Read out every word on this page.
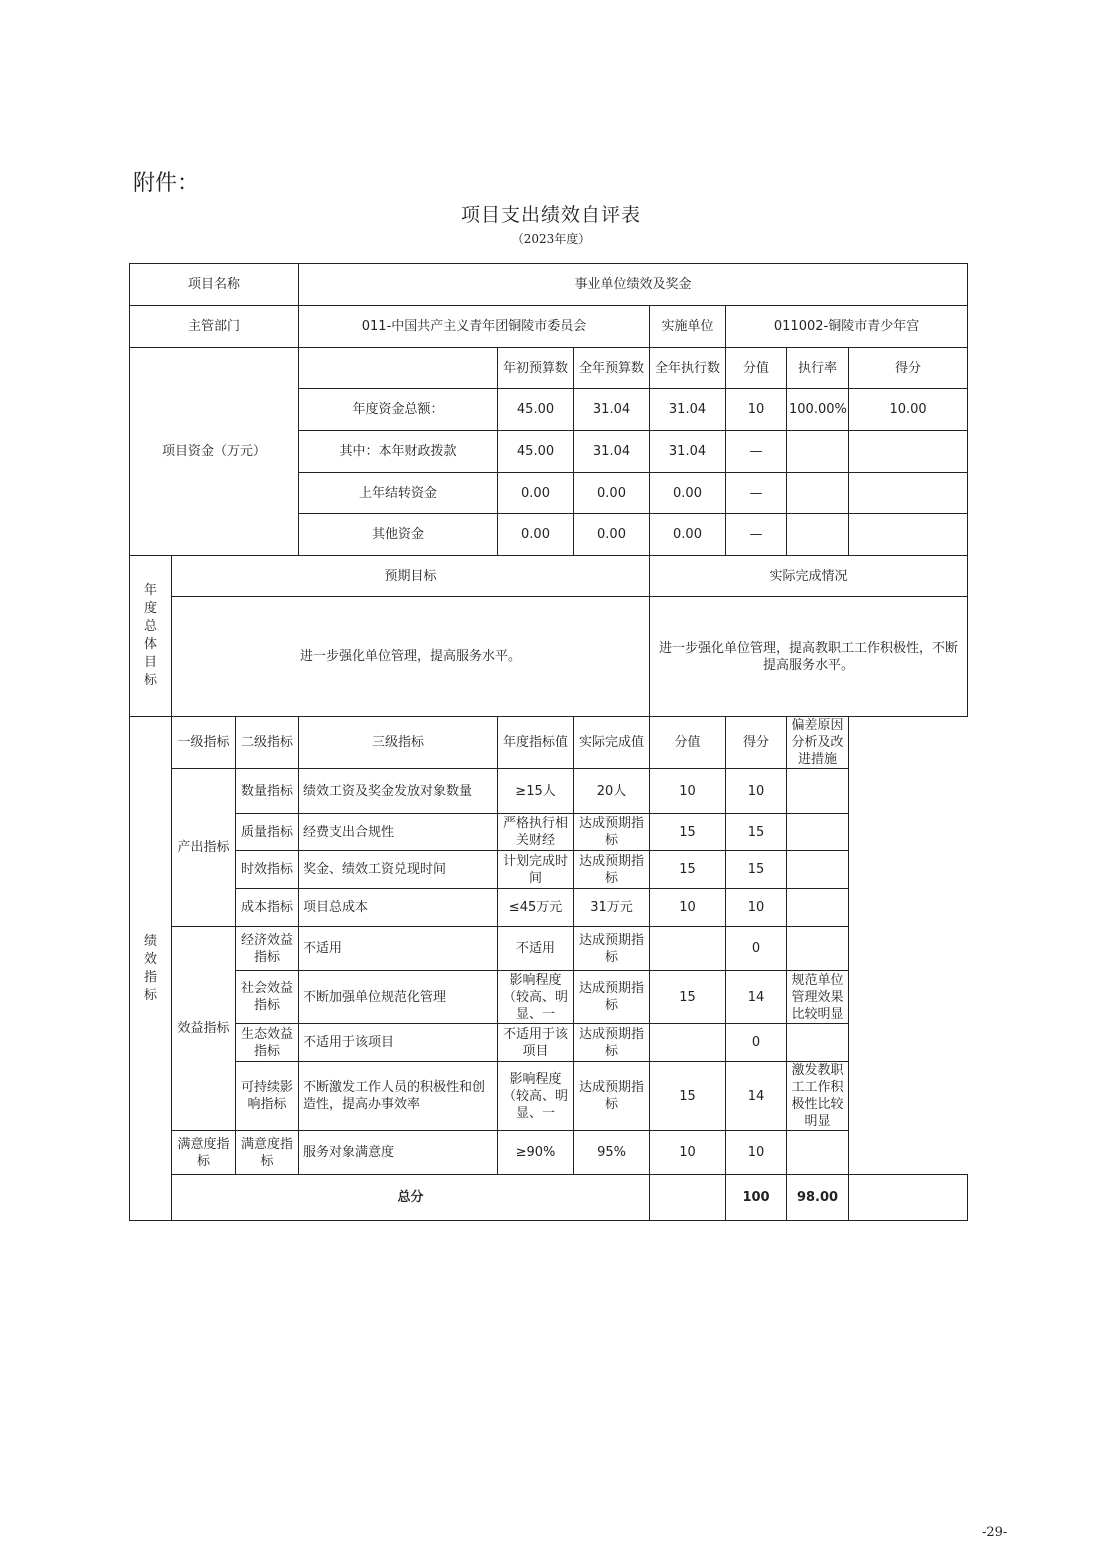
附件：
项目支出绩效自评表
（2023年度）
项目名称			事业单位绩效及奖金						
主管部门			011-中国共产主义青年团铜陵市委员会			实施单位	011002-铜陵市青少年宫		
项目资金（万元）				年初预算数	全年预算数	全年执行数	分值	执行率	得分
			年度资金总额：	45.00	31.04	31.04	10	100.00%	10.00
			其中：本年财政拨款	45.00	31.04	31.04	—		
			上年结转资金	0.00	0.00	0.00	—		
			其他资金	0.00	0.00	0.00	—		

年度总体目标	预期目标					实际完成情况			
	进一步强化单位管理，提高服务水平。					进一步强化单位管理，提高教职工工作积极性，不断提高服务水平。			

绩效指标	一级指标	二级指标	三级指标	年度指标值	实际完成值	分值	得分	偏差原因分析及改进措施	
	产出指标	数量指标	绩效工资及奖金发放对象数量	≥15人	20人	10	10		
		质量指标	经费支出合规性	严格执行相关财经	达成预期指标	15	15		
		时效指标	奖金、绩效工资兑现时间	计划完成时间	达成预期指标	15	15		
		成本指标	项目总成本	≤45万元	31万元	10	10		
	效益指标	经济效益指标	不适用	不适用	达成预期指标		0		
		社会效益指标	不断加强单位规范化管理	影响程度（较高、明显、一	达成预期指标	15	14	规范单位管理效果比较明显	
		生态效益指标	不适用于该项目	不适用于该项目	达成预期指标		0		
		可持续影响指标	不断激发工作人员的积极性和创造性，提高办事效率	影响程度（较高、明显、一	达成预期指标	15	14	激发教职工工作积极性比较明显	
	满意度指标	满意度指标	服务对象满意度	≥90%	95%	10	10		
	总分						100	98.00	
-29-
